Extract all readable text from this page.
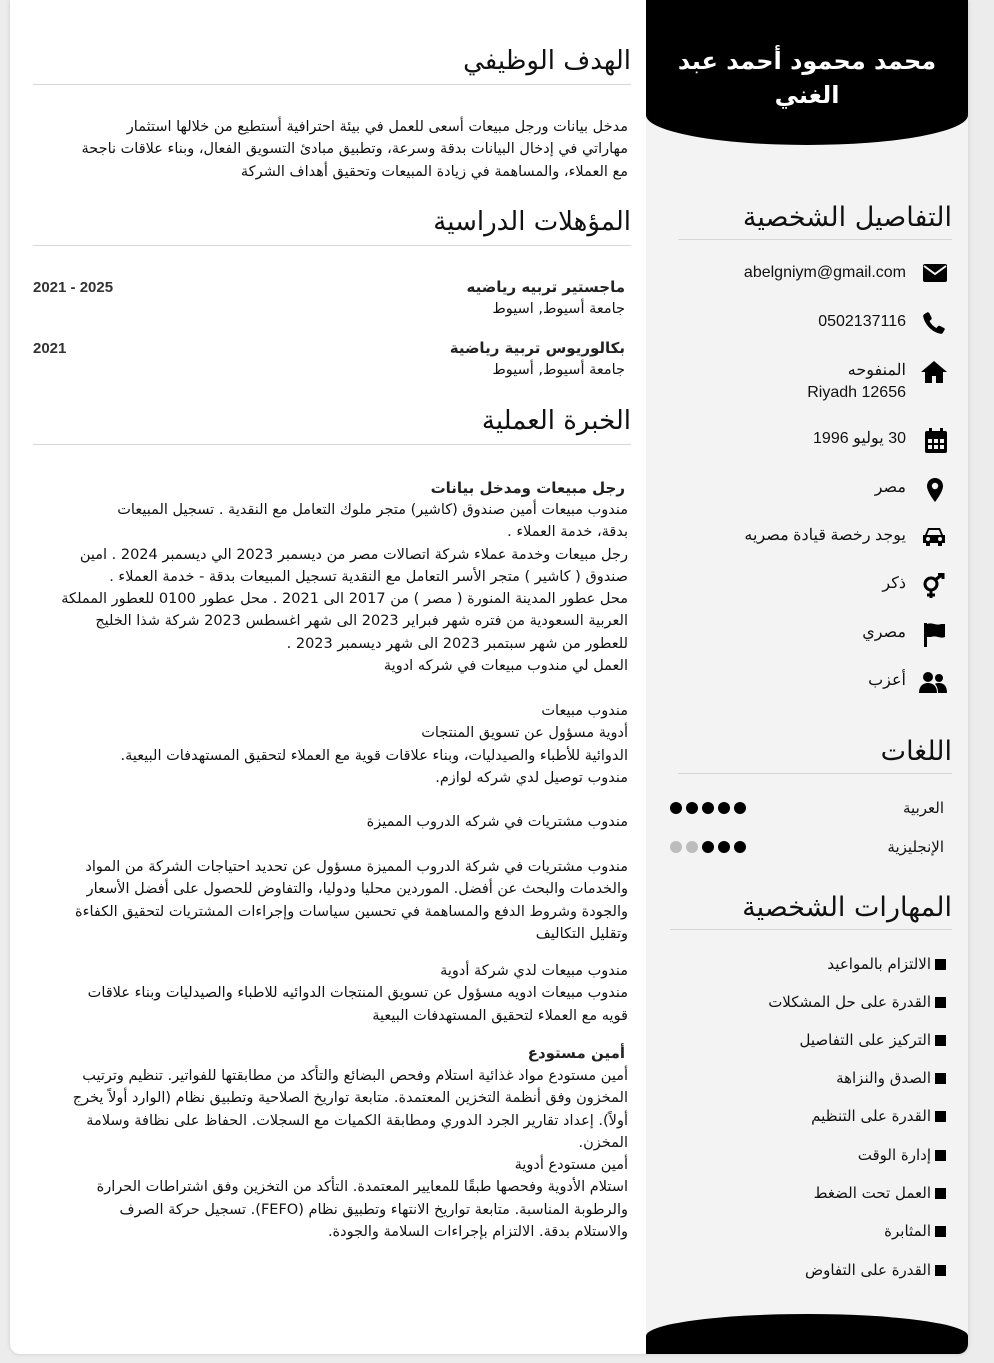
محمد محمود أحمد عبد الغني
التفاصيل الشخصية
abelgniym@gmail.com
0502137116
المنفوحه
12656 Riyadh
30 يوليو 1996
مصر
يوجد رخصة قيادة مصريه
ذكر
مصري
أعزب
اللغات
العربية
الإنجليزية
المهارات الشخصية
الالتزام بالمواعيد
القدرة على حل المشكلات
التركيز على التفاصيل
الصدق والنزاهة
القدرة على التنظيم
إدارة الوقت
العمل تحت الضغط
المثابرة
القدرة على التفاوض
الهدف الوظيفي

مدخل بيانات ورجل مبيعات أسعى للعمل في بيئة احترافية أستطيع من خلالها استثمار
مهاراتي في إدخال البيانات بدقة وسرعة، وتطبيق مبادئ التسويق الفعال، وبناء علاقات ناجحة
مع العملاء، والمساهمة في زيادة المبيعات وتحقيق أهداف الشركة

المؤهلات الدراسية
ماجستير تربيه رياضيه
جامعة أسيوط, اسيوط
2021 - 2025
بكالوريوس تربية رياضية
جامعة أسيوط, أسيوط
2021
الخبرة العملية
رجل مبيعات ومدخل بيانات

مندوب مبيعات أمين صندوق (كاشير) متجر ملوك التعامل مع النقدية . تسجيل المبيعات
بدقة، خدمة العملاء .
رجل مبيعات وخدمة عملاء شركة اتصالات مصر من ديسمبر 2023 الي ديسمبر 2024 . امين
صندوق ( كاشير ) متجر الأسر التعامل مع النقدية تسجيل المبيعات بدقة - خدمة العملاء .
محل عطور المدينة المنورة ( مصر ) من 2017 الى 2021 . محل عطور 0100 للعطور المملكة
العربية السعودية من فتره شهر فبراير 2023 الى شهر اغسطس 2023 شركة شذا الخليج
للعطور من شهر سبتمبر 2023 الى شهر ديسمبر 2023 .
العمل لي مندوب مبيعات في شركه ادوية

مندوب مبيعات
أدوية مسؤول عن تسويق المنتجات
الدوائية للأطباء والصيدليات، وبناء علاقات قوية مع العملاء لتحقيق المستهدفات البيعية.
مندوب توصيل لدي شركه لوازم.

مندوب مشتريات في شركه الدروب المميزة

مندوب مشتريات في شركة الدروب المميزة مسؤول عن تحديد احتياجات الشركة من المواد
والخدمات والبحث عن أفضل. الموردين محليا ودوليا، والتفاوض للحصول على أفضل الأسعار
والجودة وشروط الدفع والمساهمة في تحسين سياسات وإجراءات المشتريات لتحقيق الكفاءة
وتقليل التكاليف

مندوب مبيعات لدي شركة أدوية
مندوب مبيعات ادويه مسؤول عن تسويق المنتجات الدوائيه للاطباء والصيدليات وبناء علاقات
قويه مع العملاء لتحقيق المستهدفات البيعية

أمين مستودع

أمين مستودع مواد غذائية استلام وفحص البضائع والتأكد من مطابقتها للفواتير. تنظيم وترتيب
المخزون وفق أنظمة التخزين المعتمدة. متابعة تواريخ الصلاحية وتطبيق نظام (الوارد أولاً يخرج
أولاً). إعداد تقارير الجرد الدوري ومطابقة الكميات مع السجلات. الحفاظ على نظافة وسلامة
المخزن.
أمين مستودع أدوية
استلام الأدوية وفحصها طبقًا للمعايير المعتمدة. التأكد من التخزين وفق اشتراطات الحرارة
والرطوبة المناسبة. متابعة تواريخ الانتهاء وتطبيق نظام (FEFO). تسجيل حركة الصرف
والاستلام بدقة. الالتزام بإجراءات السلامة والجودة.
